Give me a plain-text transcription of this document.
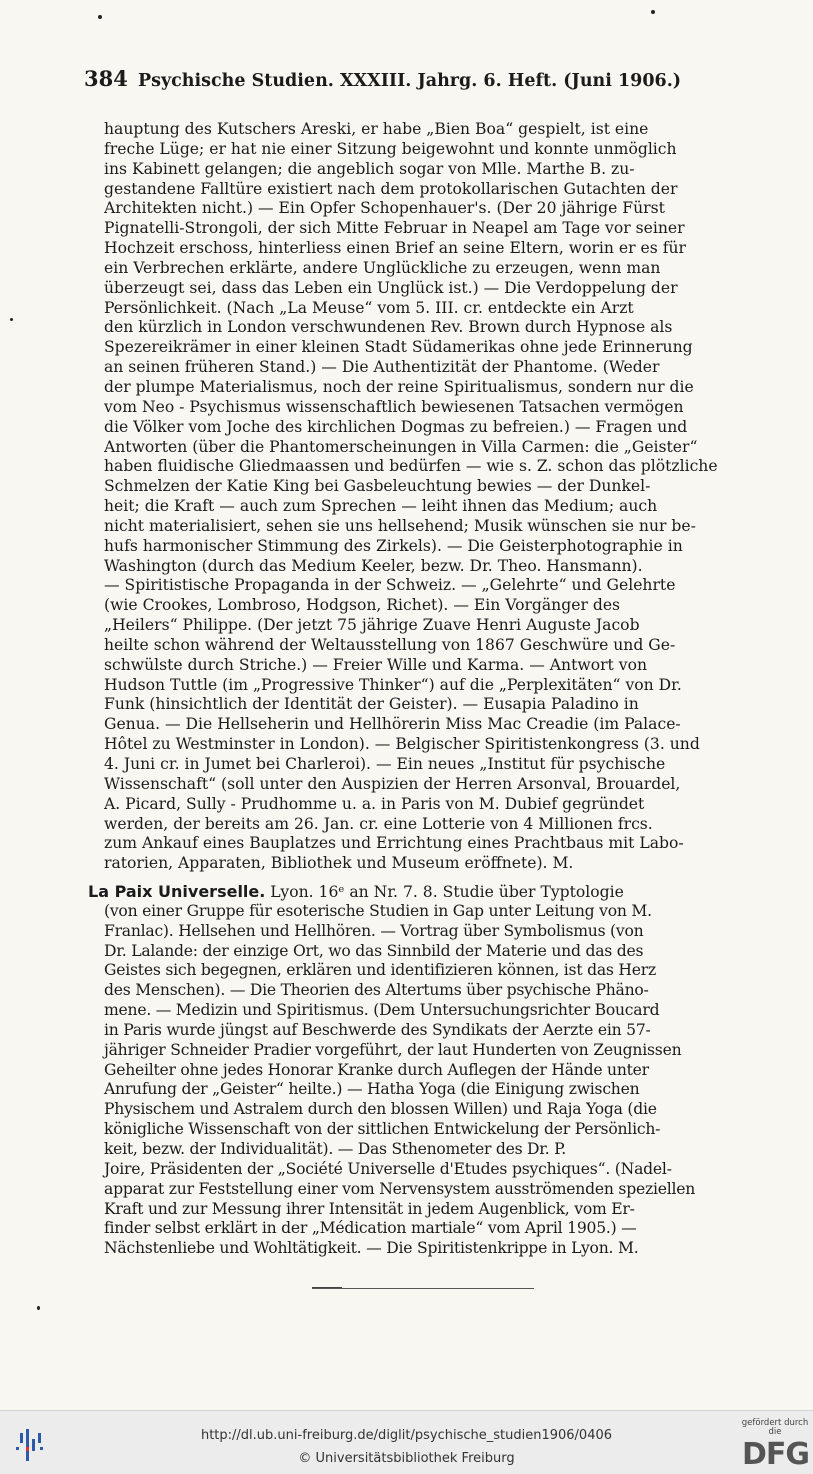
384 Psychische Studien. XXXIII. Jahrg. 6. Heft. (Juni 1906.)
hauptung des Kutschers Areski, er habe „Bien Boa“ gespielt, ist eine
freche Lüge; er hat nie einer Sitzung beigewohnt und konnte unmöglich
ins Kabinett gelangen; die angeblich sogar von Mlle. Marthe B. zu-
gestandene Falltüre existiert nach dem protokollarischen Gutachten der
Architekten nicht.) — Ein Opfer Schopenhauer's. (Der 20 jährige Fürst
Pignatelli-Strongoli, der sich Mitte Februar in Neapel am Tage vor seiner
Hochzeit erschoss, hinterliess einen Brief an seine Eltern, worin er es für
ein Verbrechen erklärte, andere Unglückliche zu erzeugen, wenn man
überzeugt sei, dass das Leben ein Unglück ist.) — Die Verdoppelung der
Persönlichkeit. (Nach „La Meuse“ vom 5. III. cr. entdeckte ein Arzt
den kürzlich in London verschwundenen Rev. Brown durch Hypnose als
Spezereikrämer in einer kleinen Stadt Südamerikas ohne jede Erinnerung
an seinen früheren Stand.) — Die Authentizität der Phantome. (Weder
der plumpe Materialismus, noch der reine Spiritualismus, sondern nur die
vom Neo - Psychismus wissenschaftlich bewiesenen Tatsachen vermögen
die Völker vom Joche des kirchlichen Dogmas zu befreien.) — Fragen und
Antworten (über die Phantomerscheinungen in Villa Carmen: die „Geister“
haben fluidische Gliedmaassen und bedürfen — wie s. Z. schon das plötzliche
Schmelzen der Katie King bei Gasbeleuchtung bewies — der Dunkel-
heit; die Kraft — auch zum Sprechen — leiht ihnen das Medium; auch
nicht materialisiert, sehen sie uns hellsehend; Musik wünschen sie nur be-
hufs harmonischer Stimmung des Zirkels). — Die Geisterphotographie in
Washington (durch das Medium Keeler, bezw. Dr. Theo. Hansmann).
— Spiritistische Propaganda in der Schweiz. — „Gelehrte“ und Gelehrte
(wie Crookes, Lombroso, Hodgson, Richet). — Ein Vorgänger des
„Heilers“ Philippe. (Der jetzt 75 jährige Zuave Henri Auguste Jacob
heilte schon während der Weltausstellung von 1867 Geschwüre und Ge-
schwülste durch Striche.) — Freier Wille und Karma. — Antwort von
Hudson Tuttle (im „Progressive Thinker“) auf die „Perplexitäten“ von Dr.
Funk (hinsichtlich der Identität der Geister). — Eusapia Paladino in
Genua. — Die Hellseherin und Hellhörerin Miss Mac Creadie (im Palace-
Hôtel zu Westminster in London). — Belgischer Spiritistenkongress (3. und
4. Juni cr. in Jumet bei Charleroi). — Ein neues „Institut für psychische
Wissenschaft“ (soll unter den Auspizien der Herren Arsonval, Brouardel,
A. Picard, Sully - Prudhomme u. a. in Paris von M. Dubief gegründet
werden, der bereits am 26. Jan. cr. eine Lotterie von 4 Millionen frcs.
zum Ankauf eines Bauplatzes und Errichtung eines Prachtbaus mit Labo-
ratorien, Apparaten, Bibliothek und Museum eröffnete). M.
La Paix Universelle. Lyon. 16ᵉ an Nr. 7. 8. Studie über Typtologie
(von einer Gruppe für esoterische Studien in Gap unter Leitung von M.
Franlac). Hellsehen und Hellhören. — Vortrag über Symbolismus (von
Dr. Lalande: der einzige Ort, wo das Sinnbild der Materie und das des
Geistes sich begegnen, erklären und identifizieren können, ist das Herz
des Menschen). — Die Theorien des Altertums über psychische Phäno-
mene. — Medizin und Spiritismus. (Dem Untersuchungsrichter Boucard
in Paris wurde jüngst auf Beschwerde des Syndikats der Aerzte ein 57-
jähriger Schneider Pradier vorgeführt, der laut Hunderten von Zeugnissen
Geheilter ohne jedes Honorar Kranke durch Auflegen der Hände unter
Anrufung der „Geister“ heilte.) — Hatha Yoga (die Einigung zwischen
Physischem und Astralem durch den blossen Willen) und Raja Yoga (die
königliche Wissenschaft von der sittlichen Entwickelung der Persönlich-
keit, bezw. der Individualität). — Das Sthenometer des Dr. P.
Joire, Präsidenten der „Société Universelle d'Etudes psychiques“. (Nadel-
apparat zur Feststellung einer vom Nervensystem ausströmenden speziellen
Kraft und zur Messung ihrer Intensität in jedem Augenblick, vom Er-
finder selbst erklärt in der „Médication martiale“ vom April 1905.) —
Nächstenliebe und Wohltätigkeit. — Die Spiritistenkrippe in Lyon. M.
http://dl.ub.uni-freiburg.de/diglit/psychische_studien1906/0406
© Universitätsbibliothek Freiburg
gefördert durch die
DFG
